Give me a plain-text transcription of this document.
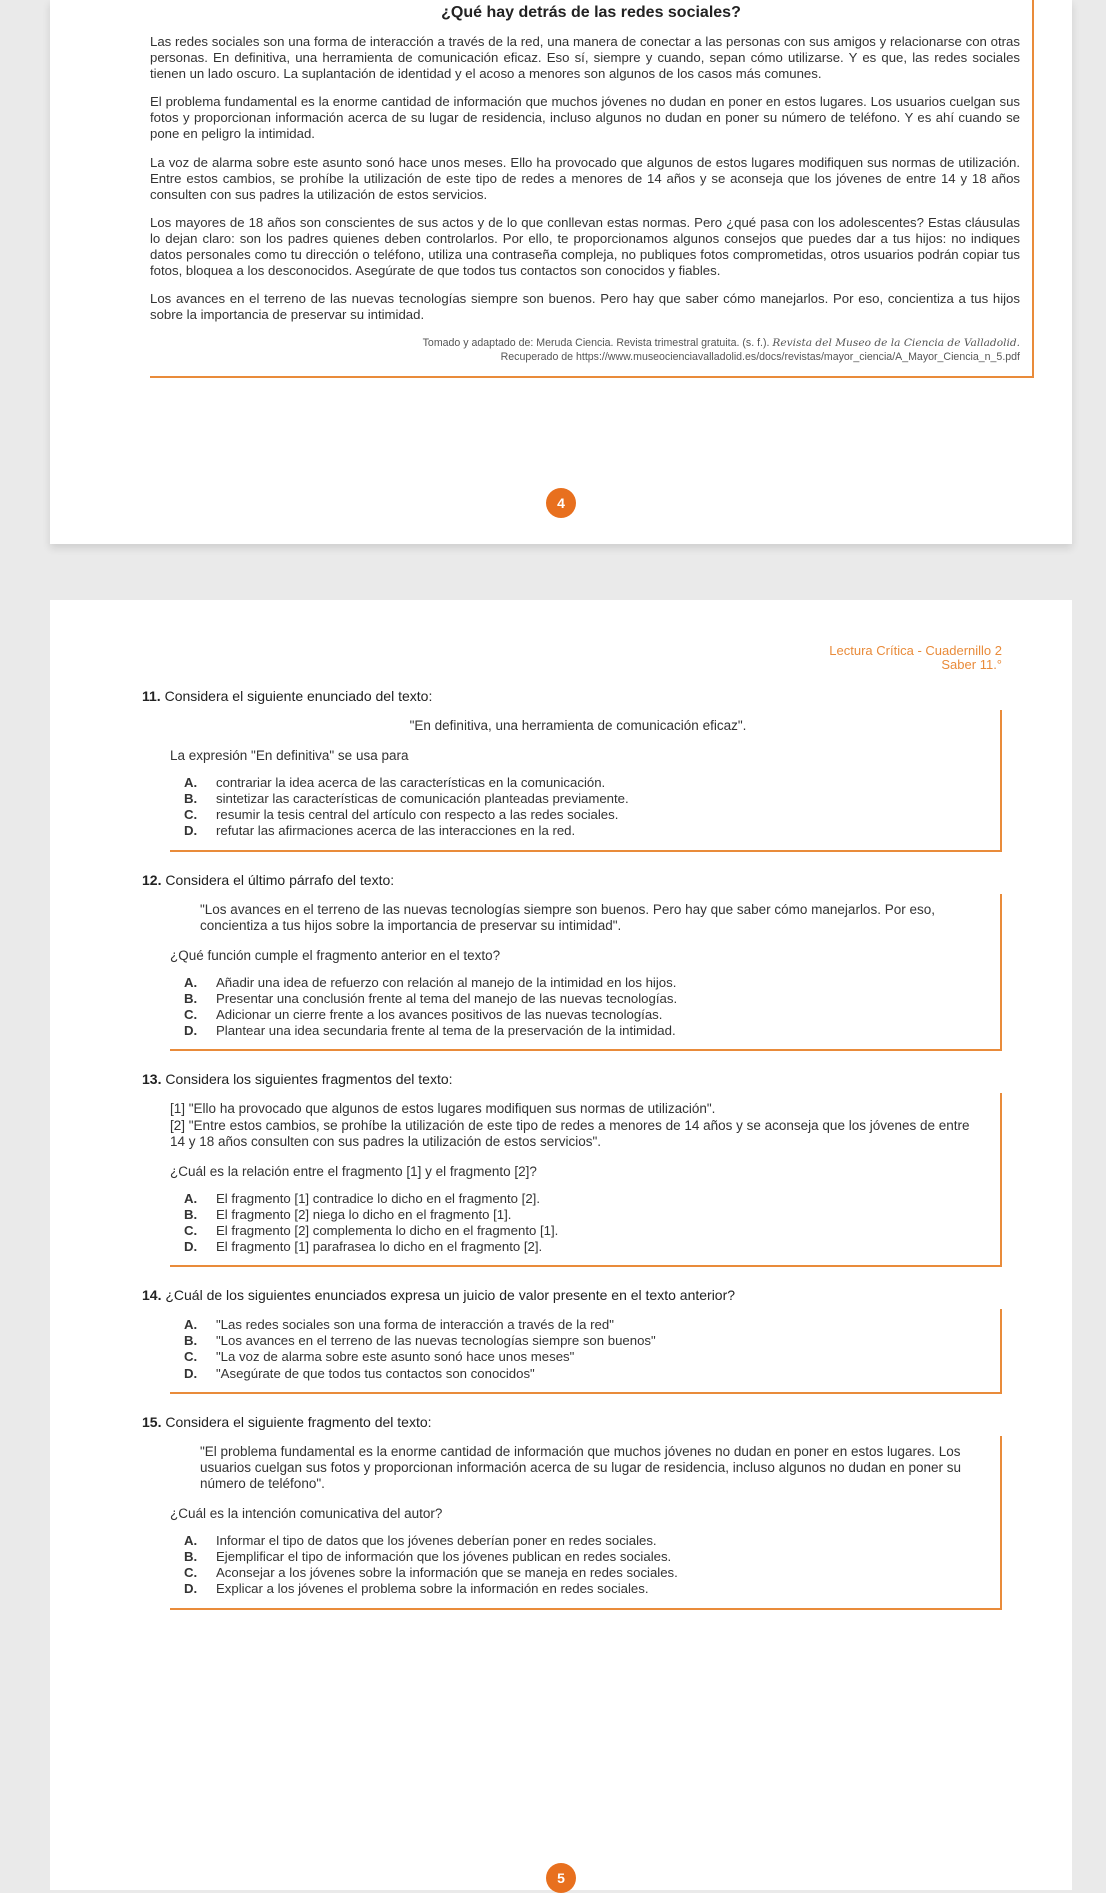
¿Qué hay detrás de las redes sociales?

Las redes sociales son una forma de interacción a través de la red, una manera de conectar a las personas con sus amigos y relacionarse con otras personas. En definitiva, una herramienta de comunicación eficaz. Eso sí, siempre y cuando, sepan cómo utilizarse. Y es que, las redes sociales tienen un lado oscuro. La suplantación de identidad y el acoso a menores son algunos de los casos más comunes.

El problema fundamental es la enorme cantidad de información que muchos jóvenes no dudan en poner en estos lugares. Los usuarios cuelgan sus fotos y proporcionan información acerca de su lugar de residencia, incluso algunos no dudan en poner su número de teléfono. Y es ahí cuando se pone en peligro la intimidad.

La voz de alarma sobre este asunto sonó hace unos meses. Ello ha provocado que algunos de estos lugares modifiquen sus normas de utilización. Entre estos cambios, se prohíbe la utilización de este tipo de redes a menores de 14 años y se aconseja que los jóvenes de entre 14 y 18 años consulten con sus padres la utilización de estos servicios.

Los mayores de 18 años son conscientes de sus actos y de lo que conllevan estas normas. Pero ¿qué pasa con los adolescentes? Estas cláusulas lo dejan claro: son los padres quienes deben controlarlos. Por ello, te proporcionamos algunos consejos que puedes dar a tus hijos: no indiques datos personales como tu dirección o teléfono, utiliza una contraseña compleja, no publiques fotos comprometidas, otros usuarios podrán copiar tus fotos, bloquea a los desconocidos. Asegúrate de que todos tus contactos son conocidos y fiables.

Los avances en el terreno de las nuevas tecnologías siempre son buenos. Pero hay que saber cómo manejarlos. Por eso, concientiza a tus hijos sobre la importancia de preservar su intimidad.

Tomado y adaptado de: Meruda Ciencia. Revista trimestral gratuita. (s. f.). Revista del Museo de la Ciencia de Valladolid.
Recuperado de https://www.museocienciavalladolid.es/docs/revistas/mayor_ciencia/A_Mayor_Ciencia_n_5.pdf
4
Lectura Crítica - Cuadernillo 2
Saber 11.°
11. Considera el siguiente enunciado del texto:
"En definitiva, una herramienta de comunicación eficaz".
La expresión "En definitiva" se usa para
A.	contrariar la idea acerca de las características en la comunicación.
B.	sintetizar las características de comunicación planteadas previamente.
C.	resumir la tesis central del artículo con respecto a las redes sociales.
D.	refutar las afirmaciones acerca de las interacciones en la red.
12. Considera el último párrafo del texto:
"Los avances en el terreno de las nuevas tecnologías siempre son buenos. Pero hay que saber cómo manejarlos. Por eso, concientiza a tus hijos sobre la importancia de preservar su intimidad".
¿Qué función cumple el fragmento anterior en el texto?
A.	Añadir una idea de refuerzo con relación al manejo de la intimidad en los hijos.
B.	Presentar una conclusión frente al tema del manejo de las nuevas tecnologías.
C.	Adicionar un cierre frente a los avances positivos de las nuevas tecnologías.
D.	Plantear una idea secundaria frente al tema de la preservación de la intimidad.
13. Considera los siguientes fragmentos del texto:
[1] "Ello ha provocado que algunos de estos lugares modifiquen sus normas de utilización".
[2] "Entre estos cambios, se prohíbe la utilización de este tipo de redes a menores de 14 años y se aconseja que los jóvenes de entre 14 y 18 años consulten con sus padres la utilización de estos servicios".
¿Cuál es la relación entre el fragmento [1] y el fragmento [2]?
A.	El fragmento [1] contradice lo dicho en el fragmento [2].
B.	El fragmento [2] niega lo dicho en el fragmento [1].
C.	El fragmento [2] complementa lo dicho en el fragmento [1].
D.	El fragmento [1] parafrasea lo dicho en el fragmento [2].
14. ¿Cuál de los siguientes enunciados expresa un juicio de valor presente en el texto anterior?
A.	"Las redes sociales son una forma de interacción a través de la red"
B.	"Los avances en el terreno de las nuevas tecnologías siempre son buenos"
C.	"La voz de alarma sobre este asunto sonó hace unos meses"
D.	"Asegúrate de que todos tus contactos son conocidos"
15. Considera el siguiente fragmento del texto:
"El problema fundamental es la enorme cantidad de información que muchos jóvenes no dudan en poner en estos lugares. Los usuarios cuelgan sus fotos y proporcionan información acerca de su lugar de residencia, incluso algunos no dudan en poner su número de teléfono".
¿Cuál es la intención comunicativa del autor?
A.	Informar el tipo de datos que los jóvenes deberían poner en redes sociales.
B.	Ejemplificar el tipo de información que los jóvenes publican en redes sociales.
C.	Aconsejar a los jóvenes sobre la información que se maneja en redes sociales.
D.	Explicar a los jóvenes el problema sobre la información en redes sociales.
5
